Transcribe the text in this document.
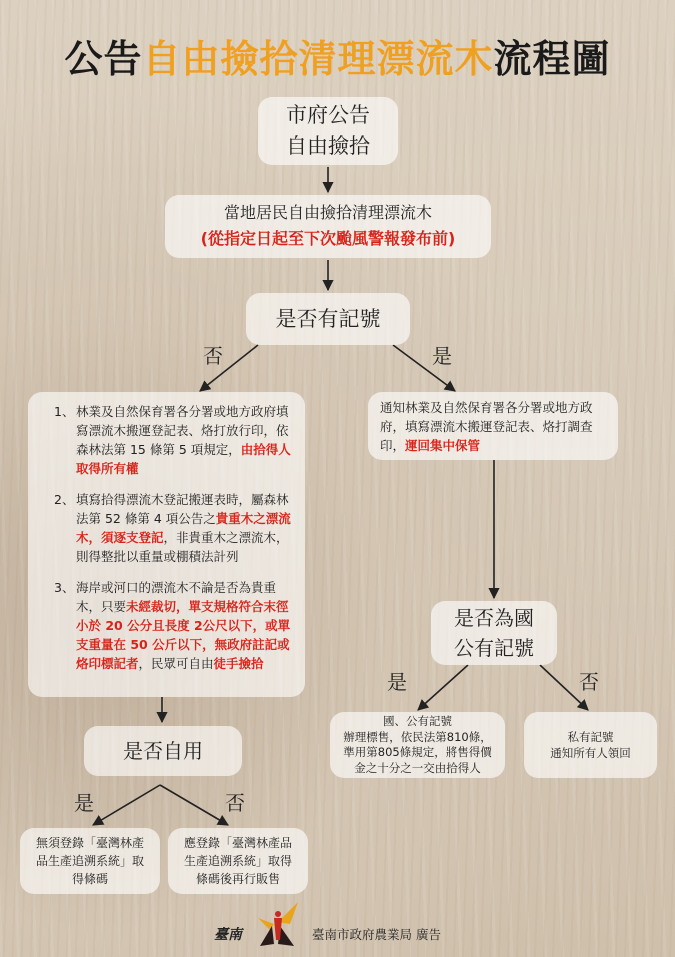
公告自由撿拾清理漂流木流程圖
市府公告
自由撿拾
當地居民自由撿拾清理漂流木
(從指定日起至下次颱風警報發布前)
是否有記號
否	是
1、 林業及自然保育署各分署或地方政府填寫漂流木搬運登記表、烙打放行印，依森林法第 15 條第 5 項規定，由拾得人取得所有權
2、 填寫拾得漂流木登記搬運表時，屬森林法第 52 條第 4 項公告之貴重木之漂流木，須逐支登記，非貴重木之漂流木，則得整批以重量或棚積法計列
3、 海岸或河口的漂流木不論是否為貴重木，只要未經裁切，單支規格符合末徑小於 20 公分且長度 2公尺以下，或單支重量在 50 公斤以下，無政府註記或烙印標記者，民眾可自由徒手撿拾
通知林業及自然保育署各分署或地方政府，填寫漂流木搬運登記表、烙打調查印，運回集中保管
是否為國
公有記號
是	否
國、公有記號
辦理標售，依民法第810條，
準用第805條規定，將售得價
金之十分之一交由拾得人
私有記號
通知所有人領回
是否自用
是	否
無須登錄「臺灣林產
品生產追溯系統」取
得條碼
應登錄「臺灣林產品
生產追溯系統」取得
條碼後再行販售
臺南	臺南市政府農業局 廣告
